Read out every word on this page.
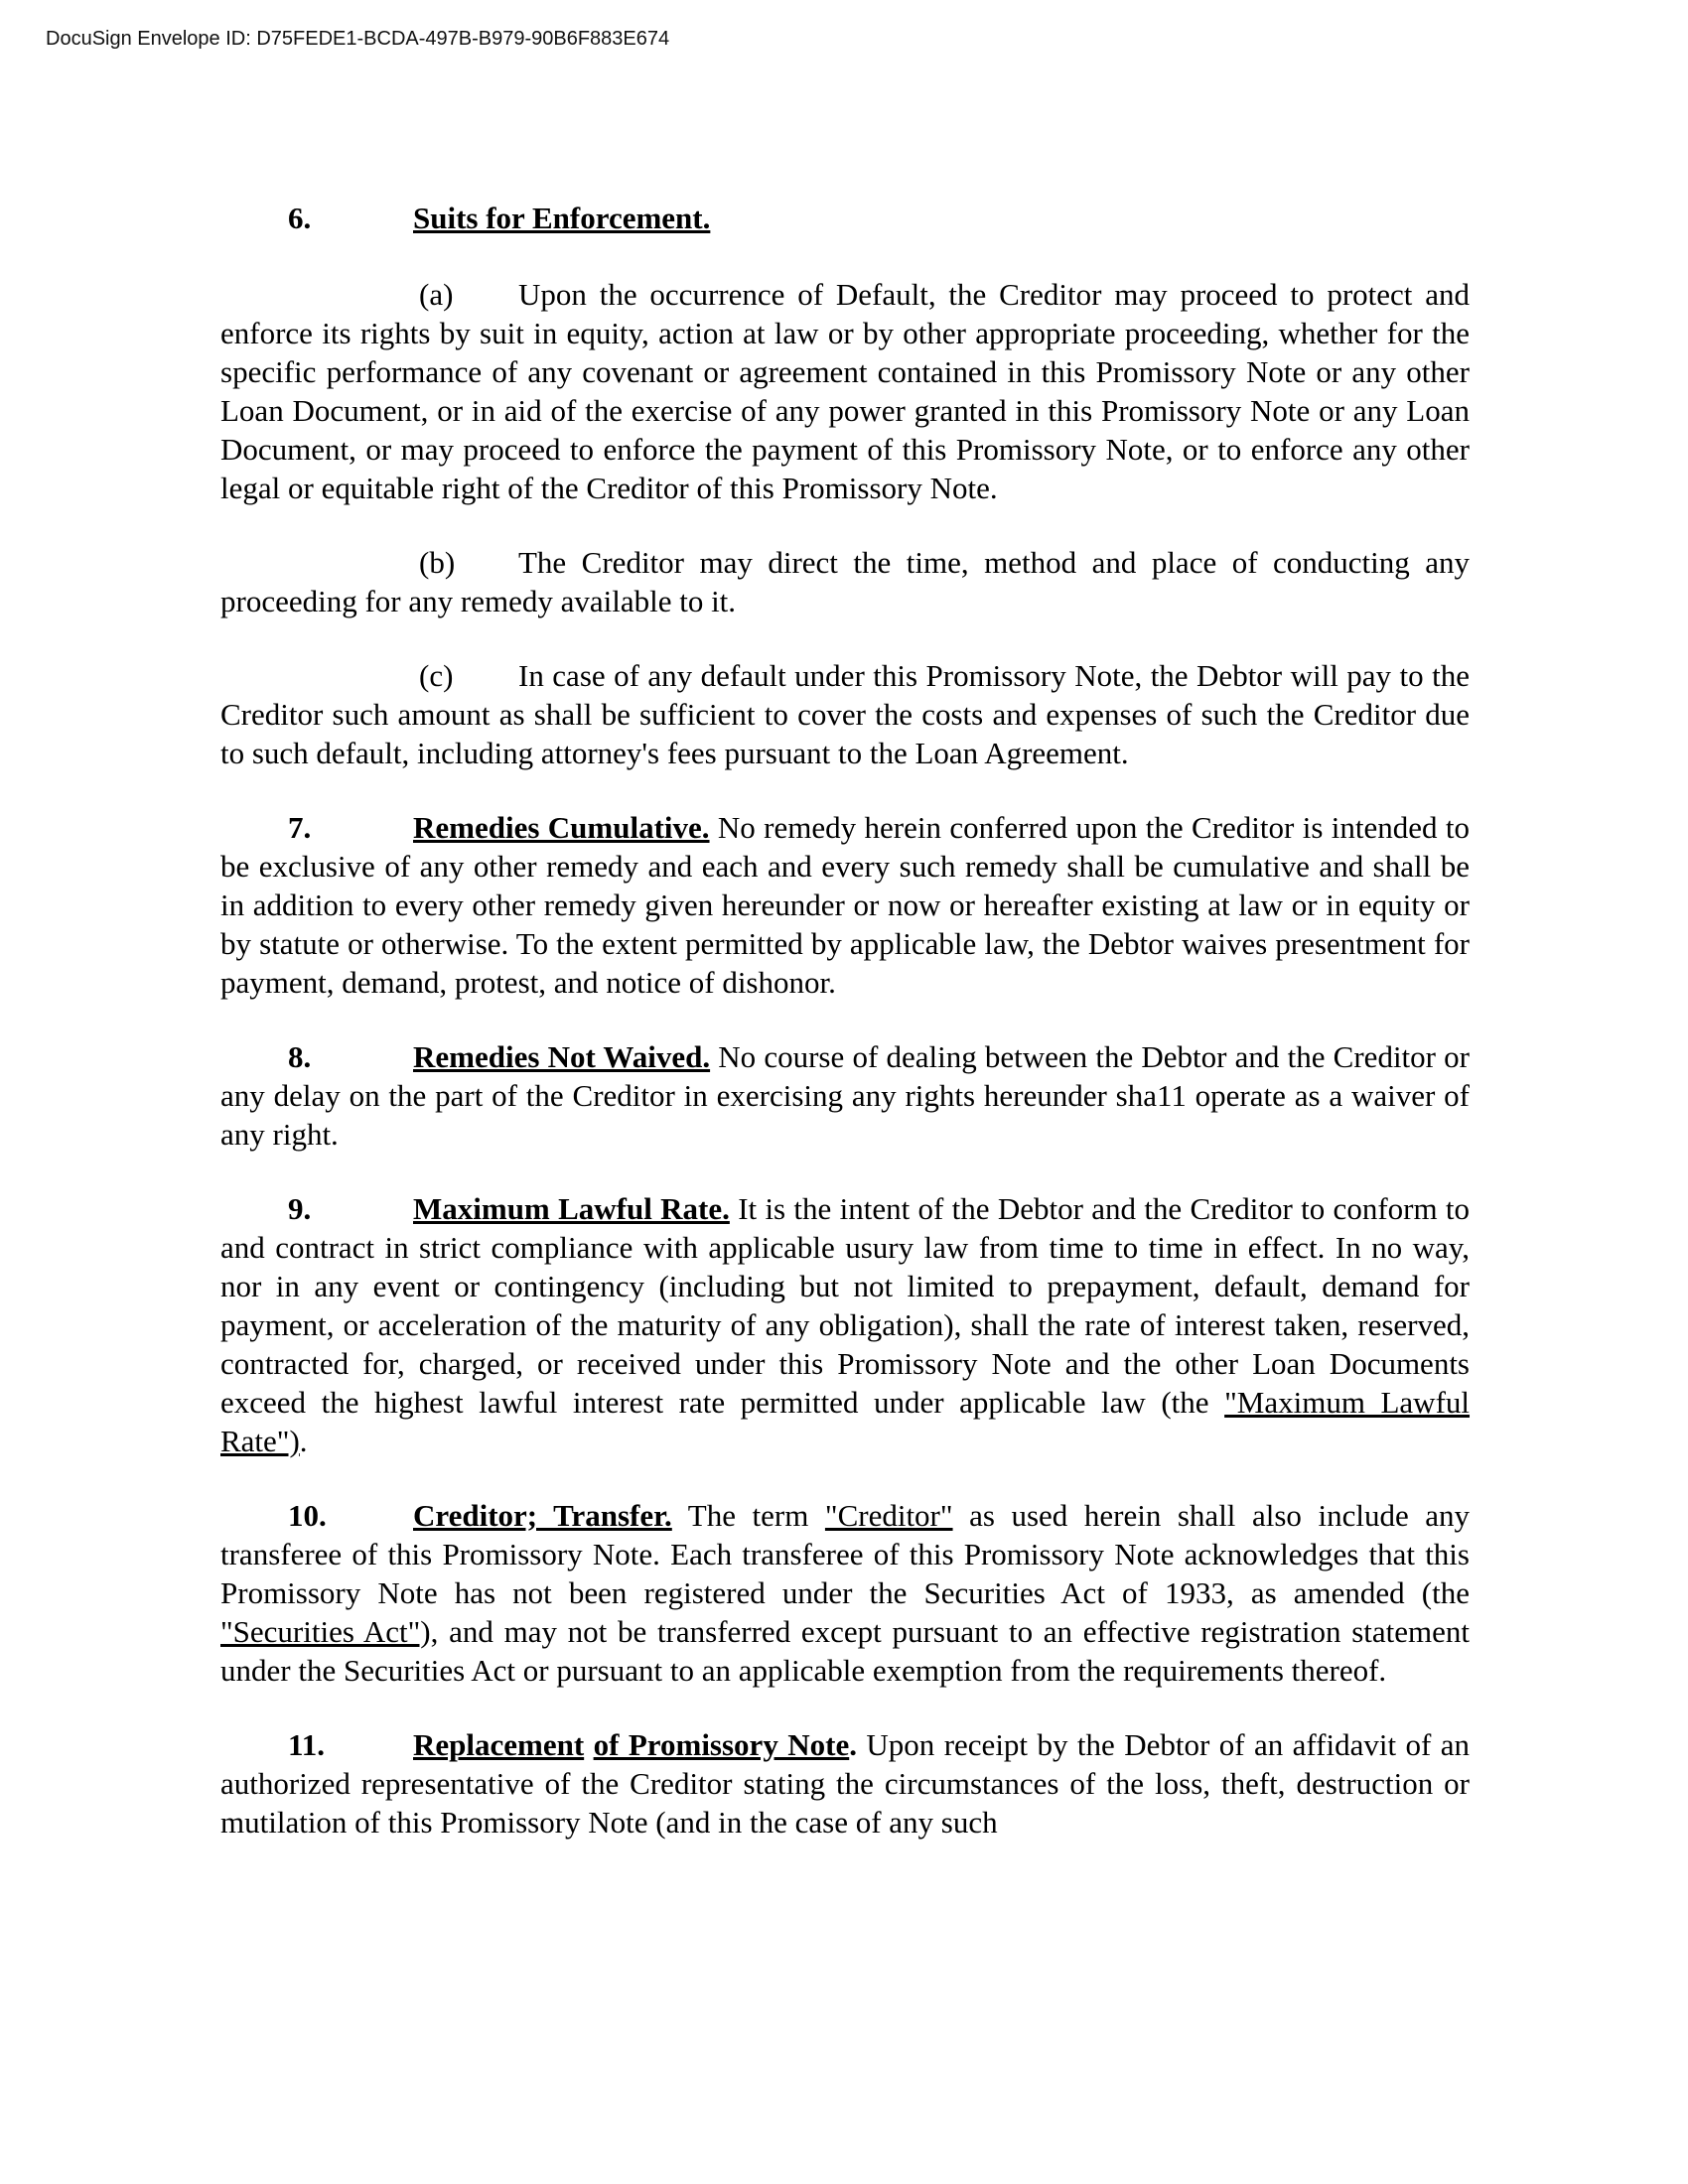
DocuSign Envelope ID: D75FEDE1-BCDA-497B-B979-90B6F883E674
6.	Suits for Enforcement.

(a) Upon the occurrence of Default, the Creditor may proceed to protect and enforce its rights by suit in equity, action at law or by other appropriate proceeding, whether for the specific performance of any covenant or agreement contained in this Promissory Note or any other Loan Document, or in aid of the exercise of any power granted in this Promissory Note or any Loan Document, or may proceed to enforce the payment of this Promissory Note, or to enforce any other legal or equitable right of the Creditor of this Promissory Note.

(b) The Creditor may direct the time, method and place of conducting any proceeding for any remedy available to it.

(c) In case of any default under this Promissory Note, the Debtor will pay to the Creditor such amount as shall be sufficient to cover the costs and expenses of such the Creditor due to such default, including attorney's fees pursuant to the Loan Agreement.

7.	Remedies Cumulative. No remedy herein conferred upon the Creditor is intended to be exclusive of any other remedy and each and every such remedy shall be cumulative and shall be in addition to every other remedy given hereunder or now or hereafter existing at law or in equity or by statute or otherwise. To the extent permitted by applicable law, the Debtor waives presentment for payment, demand, protest, and notice of dishonor.

8.	Remedies Not Waived. No course of dealing between the Debtor and the Creditor or any delay on the part of the Creditor in exercising any rights hereunder sha11 operate as a waiver of any right.

9.	Maximum Lawful Rate. It is the intent of the Debtor and the Creditor to conform to and contract in strict compliance with applicable usury law from time to time in effect. In no way, nor in any event or contingency (including but not limited to prepayment, default, demand for payment, or acceleration of the maturity of any obligation), shall the rate of interest taken, reserved, contracted for, charged, or received under this Promissory Note and the other Loan Documents exceed the highest lawful interest rate permitted under applicable law (the "Maximum Lawful Rate").

10.	Creditor; Transfer. The term "Creditor" as used herein shall also include any transferee of this Promissory Note. Each transferee of this Promissory Note acknowledges that this Promissory Note has not been registered under the Securities Act of 1933, as amended (the "Securities Act"), and may not be transferred except pursuant to an effective registration statement under the Securities Act or pursuant to an applicable exemption from the requirements thereof.

11.	Replacement of Promissory Note. Upon receipt by the Debtor of an affidavit of an authorized representative of the Creditor stating the circumstances of the loss, theft, destruction or mutilation of this Promissory Note (and in the case of any such
